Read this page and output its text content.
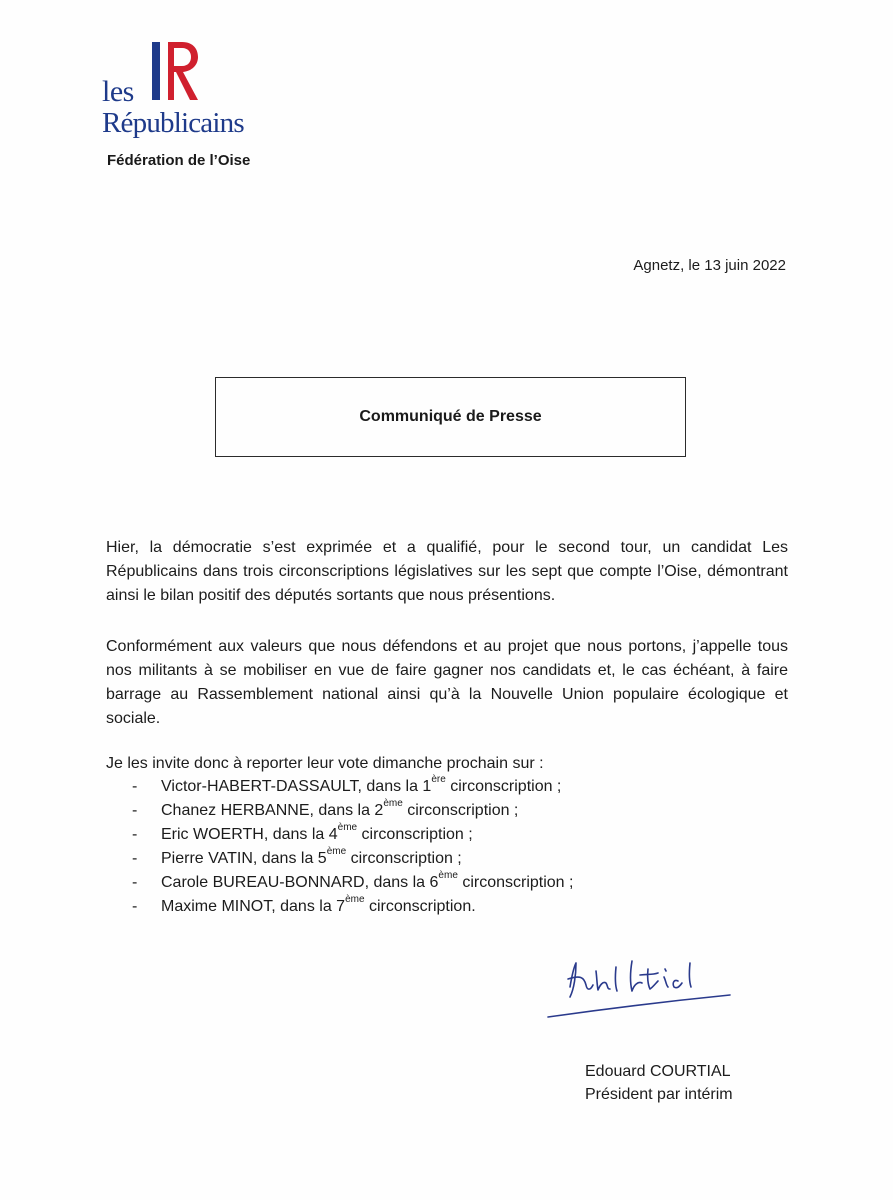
les
Républicains
Fédération de l’Oise
Agnetz, le 13 juin 2022
Communiqué de Presse
Hier, la démocratie s’est exprimée et a qualifié, pour le second tour, un candidat Les Républicains dans trois circonscriptions législatives sur les sept que compte l’Oise, démontrant ainsi le bilan positif des députés sortants que nous présentions.
Conformément aux valeurs que nous défendons et au projet que nous portons, j’appelle tous nos militants à se mobiliser en vue de faire gagner nos candidats et, le cas échéant, à faire barrage au Rassemblement national ainsi qu’à la Nouvelle Union populaire écologique et sociale.
Je les invite donc à reporter leur vote dimanche prochain sur :
- Victor-HABERT-DASSAULT, dans la 1ère circonscription ;
- Chanez HERBANNE, dans la 2ème circonscription ;
- Eric WOERTH, dans la 4ème circonscription ;
- Pierre VATIN, dans la 5ème circonscription ;
- Carole BUREAU-BONNARD, dans la 6ème circonscription ;
- Maxime MINOT, dans la 7ème circonscription.
Edouard COURTIAL
Président par intérim
